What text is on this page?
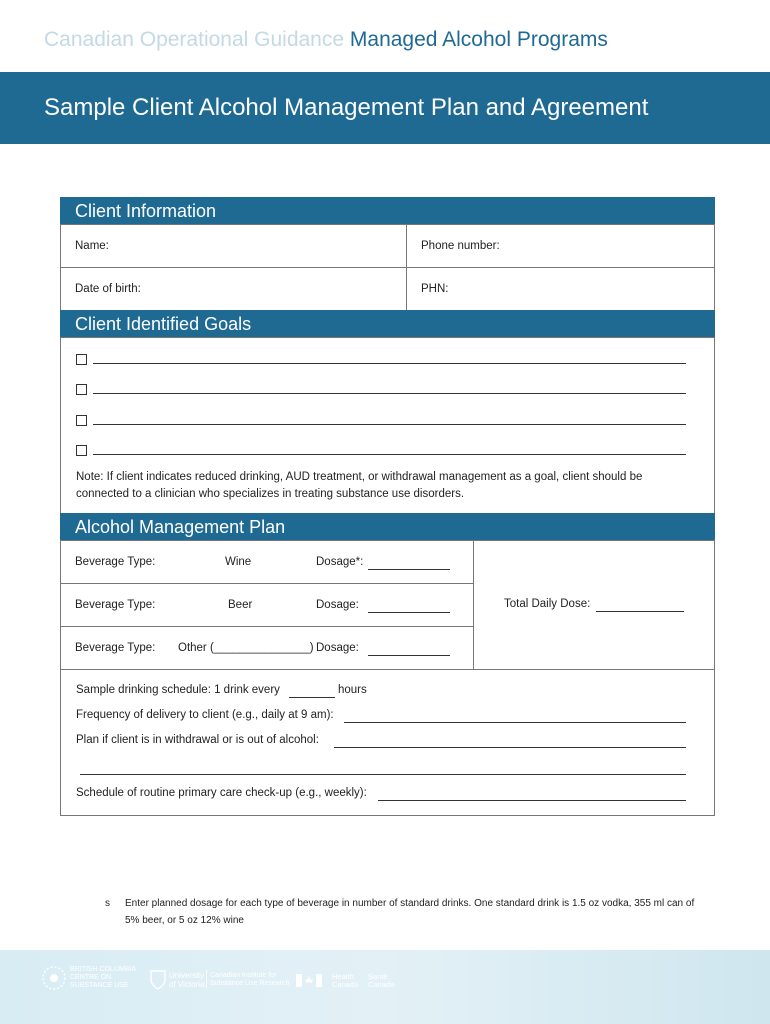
Canadian Operational Guidance Managed Alcohol Programs
Sample Client Alcohol Management Plan and Agreement
Client Information
Name:	Phone number:
Date of birth:	PHN:
Client Identified Goals
Note: If client indicates reduced drinking, AUD treatment, or withdrawal management as a goal, client should be connected to a clinician who specializes in treating substance use disorders.
Alcohol Management Plan
Beverage Type:	Wine	Dosage*:
Beverage Type:	Beer	Dosage:
Beverage Type: Other (_______________) Dosage:
Total Daily Dose:
Sample drinking schedule: 1 drink every	hours
Frequency of delivery to client (e.g., daily at 9 am):
Plan if client is in withdrawal or is out of alcohol:
Schedule of routine primary care check-up (e.g., weekly):
s Enter planned dosage for each type of beverage in number of standard drinks. One standard drink is 1.5 oz vodka, 355 ml can of 5% beer, or 5 oz 12% wine
BRITISH COLUMBIA
CENTRE ON
SUBSTANCE USE
University
of Victoria
Canadian Institute for
Substance Use Research
Health
Canada
Santé
Canada
